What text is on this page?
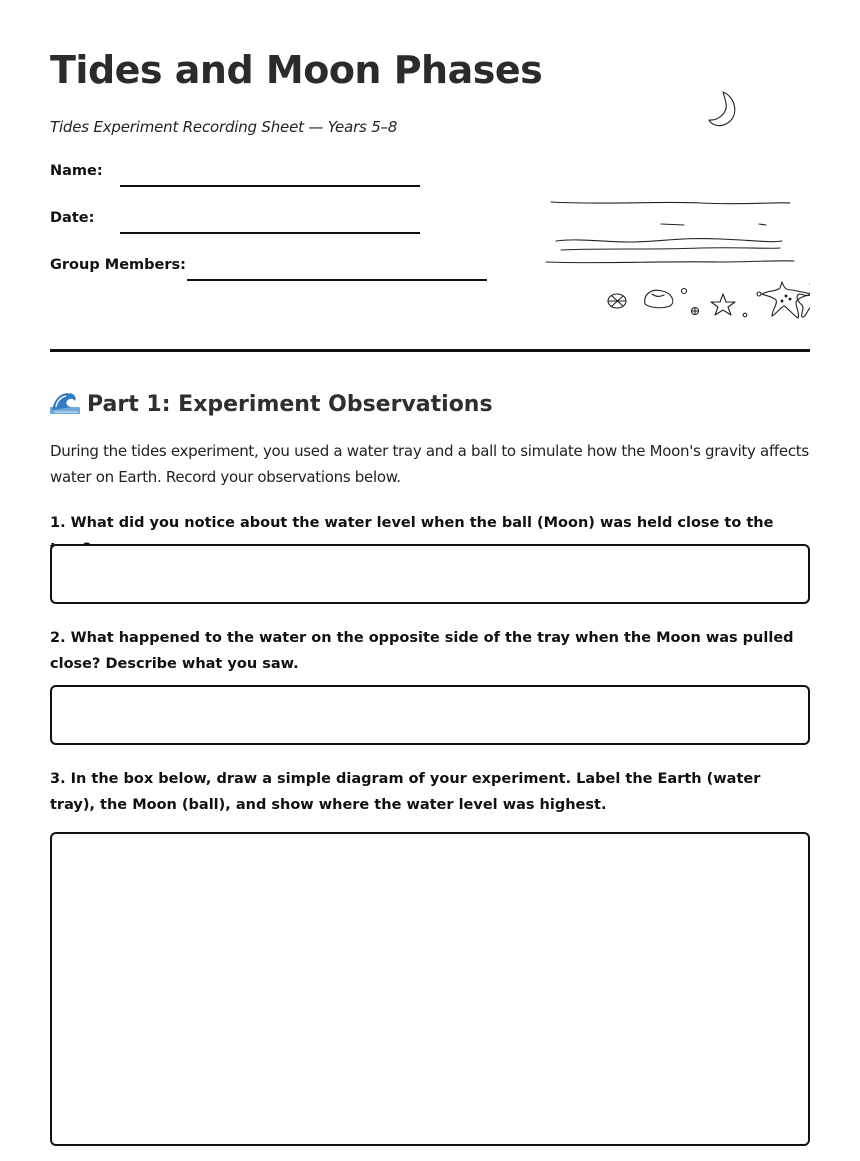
Tides and Moon Phases
Tides Experiment Recording Sheet — Years 5–8
Name:
Date:
Group Members:
Part 1: Experiment Observations

During the tides experiment, you used a water tray and a ball to simulate how the Moon's gravity affects water on Earth. Record your observations below.

1. What did you notice about the water level when the ball (Moon) was held close to the

2. What happened to the water on the opposite side of the tray when the Moon was pulled close? Describe what you saw.

3. In the box below, draw a simple diagram of your experiment. Label the Earth (water tray), the Moon (ball), and show where the water level was highest.
